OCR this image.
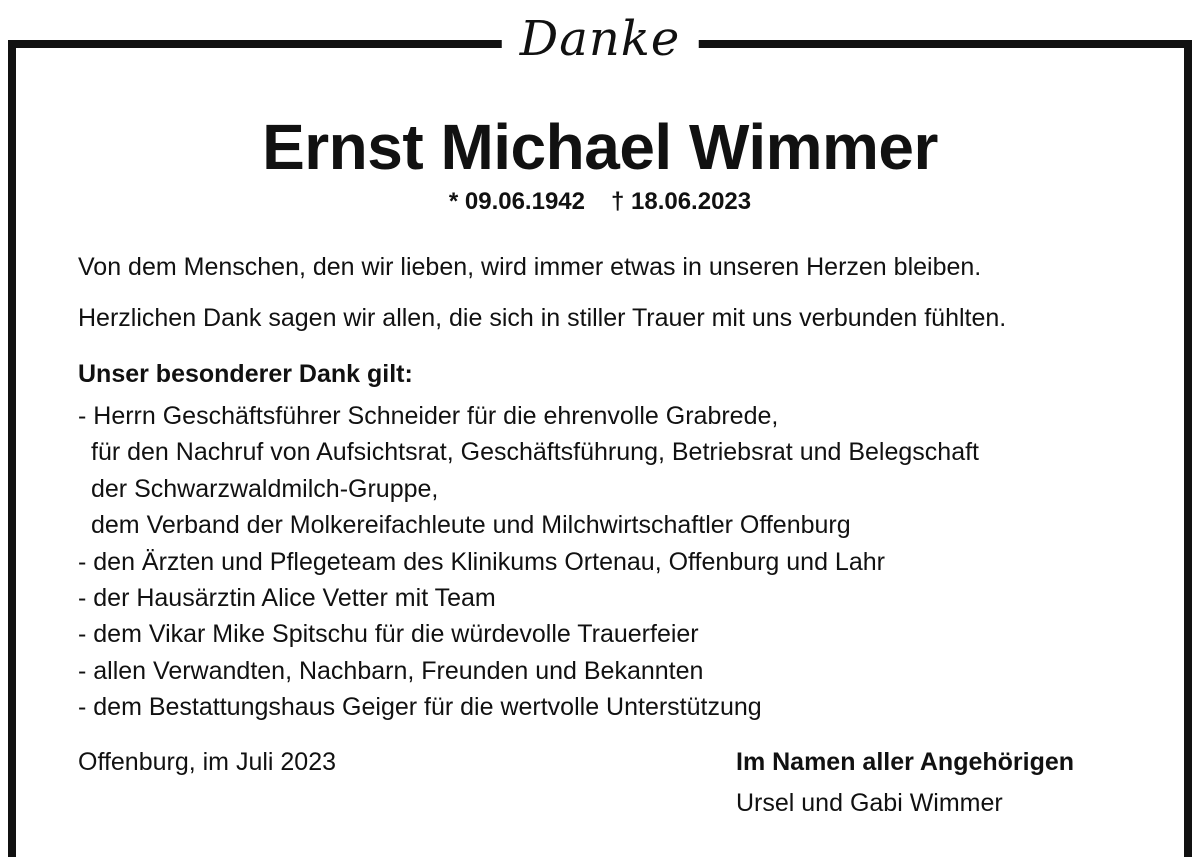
Danke
Ernst Michael Wimmer
* 09.06.1942 † 18.06.2023
Von dem Menschen, den wir lieben, wird immer etwas in unseren Herzen bleiben.
Herzlichen Dank sagen wir allen, die sich in stiller Trauer mit uns verbunden fühlten.
Unser besonderer Dank gilt:
- Herrn Geschäftsführer Schneider für die ehrenvolle Grabrede,
für den Nachruf von Aufsichtsrat, Geschäftsführung, Betriebsrat und Belegschaft
der Schwarzwaldmilch-Gruppe,
dem Verband der Molkereifachleute und Milchwirtschaftler Offenburg
- den Ärzten und Pflegeteam des Klinikums Ortenau, Offenburg und Lahr
- der Hausärztin Alice Vetter mit Team
- dem Vikar Mike Spitschu für die würdevolle Trauerfeier
- allen Verwandten, Nachbarn, Freunden und Bekannten
- dem Bestattungshaus Geiger für die wertvolle Unterstützung
Offenburg, im Juli 2023	Im Namen aller Angehörigen
Ursel und Gabi Wimmer
